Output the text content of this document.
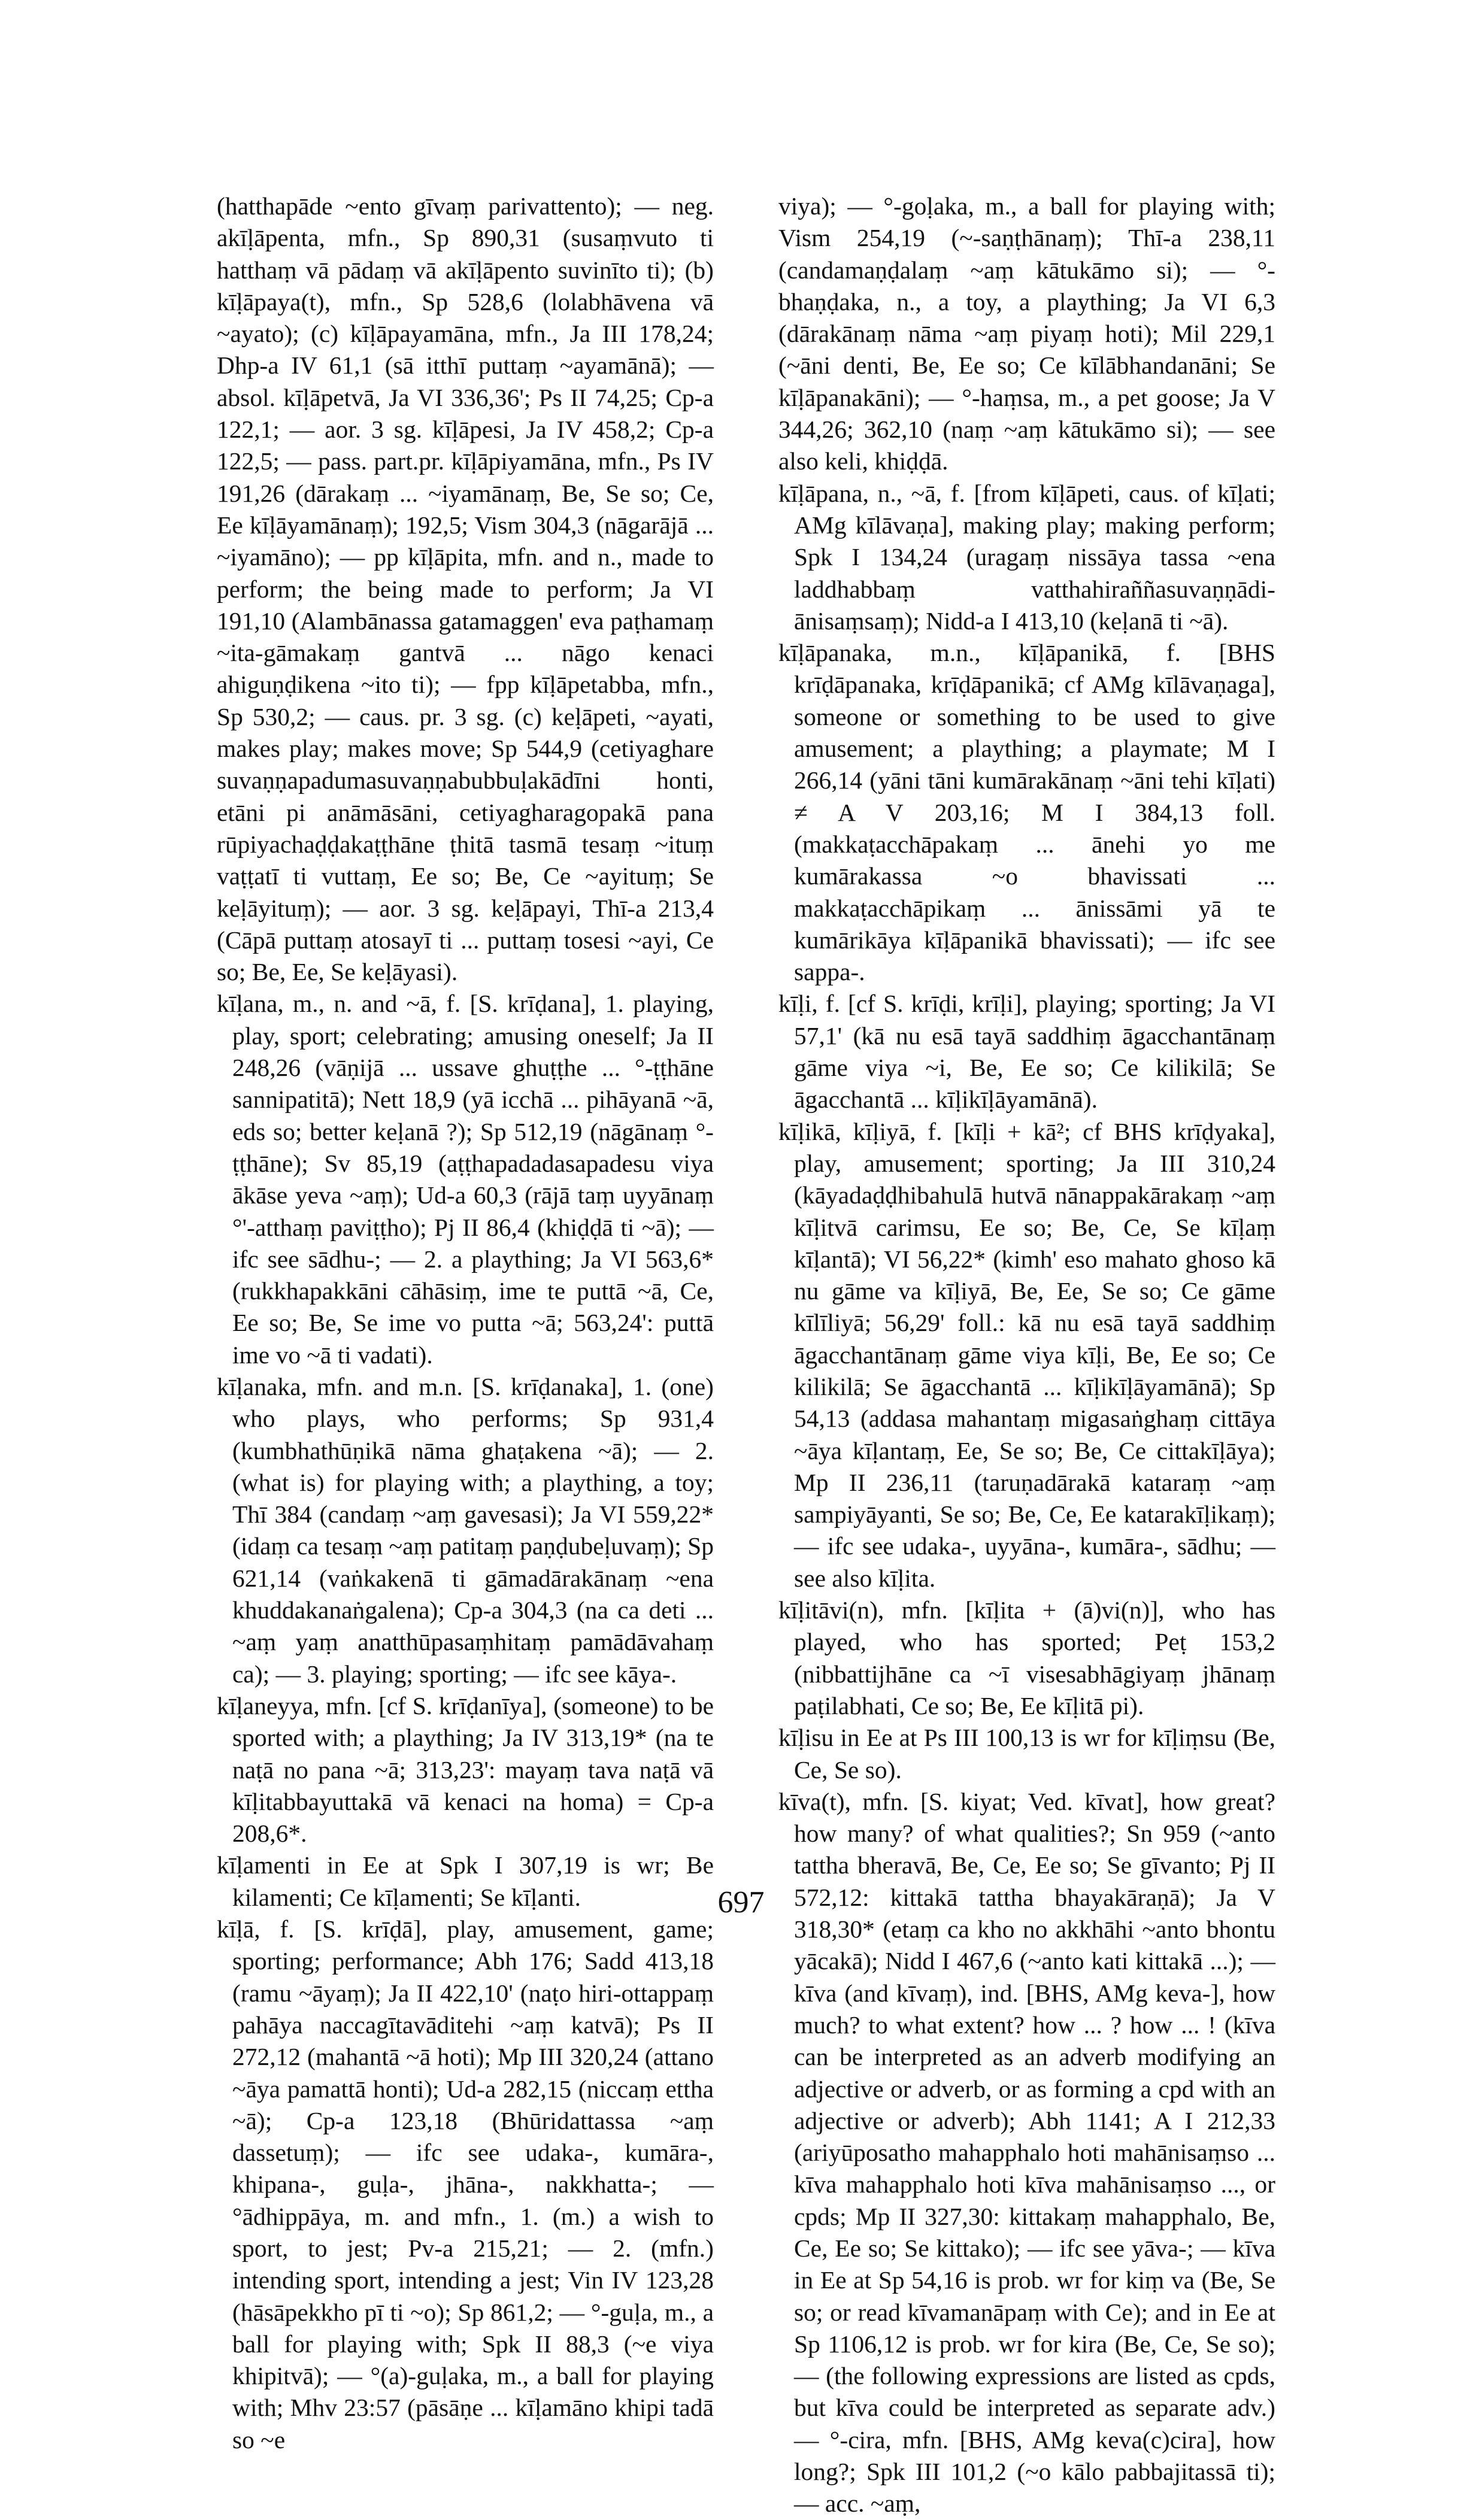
(hatthapāde ~ento gīvaṃ parivattento); — neg. akīḷāpenta, mfn., Sp 890,31 (susaṃvuto ti hatthaṃ vā pādaṃ vā akīḷāpento suvinīto ti); (b) kīḷāpaya(t), mfn., Sp 528,6 (lolabhāvena vā ~ayato); (c) kīḷāpayamāna, mfn., Ja III 178,24; Dhp-a IV 61,1 (sā itthī puttaṃ ~ayamānā); — absol. kīḷāpetvā, Ja VI 336,36'; Ps II 74,25; Cp-a 122,1; — aor. 3 sg. kīḷāpesi, Ja IV 458,2; Cp-a 122,5; — pass. part.pr. kīḷāpiyamāna, mfn., Ps IV 191,26 (dārakaṃ ... ~iyamānaṃ, Be, Se so; Ce, Ee kīḷāyamānaṃ); 192,5; Vism 304,3 (nāgarājā ... ~iyamāno); — pp kīḷāpita, mfn. and n., made to perform; the being made to perform; Ja VI 191,10 (Alambānassa gatamaggen' eva paṭhamaṃ ~ita-gāmakaṃ gantvā ... nāgo kenaci ahiguṇḍikena ~ito ti); — fpp kīḷāpetabba, mfn., Sp 530,2; — caus. pr. 3 sg. (c) keḷāpeti, ~ayati, makes play; makes move; Sp 544,9 (cetiyaghare suvaṇṇapadumasuvaṇṇabubbuḷakādīni honti, etāni pi anāmāsāni, cetiyagharagopakā pana rūpiyachaḍḍakaṭṭhāne ṭhitā tasmā tesaṃ ~ituṃ vaṭṭatī ti vuttaṃ, Ee so; Be, Ce ~ayituṃ; Se keḷāyituṃ); — aor. 3 sg. keḷāpayi, Thī-a 213,4 (Cāpā puttaṃ atosayī ti ... puttaṃ tosesi ~ayi, Ce so; Be, Ee, Se keḷāyasi).

kīḷana, m., n. and ~ā, f. [S. krīḍana], 1. playing, play, sport; celebrating; amusing oneself; Ja II 248,26 (vāṇijā ... ussave ghuṭṭhe ... °-ṭṭhāne sannipatitā); Nett 18,9 (yā icchā ... pihāyanā ~ā, eds so; better keḷanā ?); Sp 512,19 (nāgānaṃ °-ṭṭhāne); Sv 85,19 (aṭṭhapadadasapadesu viya ākāse yeva ~aṃ); Ud-a 60,3 (rājā taṃ uyyānaṃ °'-atthaṃ paviṭṭho); Pj II 86,4 (khiḍḍā ti ~ā); — ifc see sādhu-; — 2. a plaything; Ja VI 563,6* (rukkhapakkāni cāhāsiṃ, ime te puttā ~ā, Ce, Ee so; Be, Se ime vo putta ~ā; 563,24': puttā ime vo ~ā ti vadati).

kīḷanaka, mfn. and m.n. [S. krīḍanaka], 1. (one) who plays, who performs; Sp 931,4 (kumbhathūṇikā nāma ghaṭakena ~ā); — 2. (what is) for playing with; a plaything, a toy; Thī 384 (candaṃ ~aṃ gavesasi); Ja VI 559,22* (idaṃ ca tesaṃ ~aṃ patitaṃ paṇḍubeḷuvaṃ); Sp 621,14 (vaṅkakenā ti gāmadārakānaṃ ~ena khuddakanaṅgalena); Cp-a 304,3 (na ca deti ... ~aṃ yaṃ anatthūpasaṃhitaṃ pamādāvahaṃ ca); — 3. playing; sporting; — ifc see kāya-.

kīḷaneyya, mfn. [cf S. krīḍanīya], (someone) to be sported with; a plaything; Ja IV 313,19* (na te naṭā no pana ~ā; 313,23': mayaṃ tava naṭā vā kīḷitabbayuttakā vā kenaci na homa) = Cp-a 208,6*.

kīḷamenti in Ee at Spk I 307,19 is wr; Be kilamenti; Ce kīḷamenti; Se kīḷanti.

kīḷā, f. [S. krīḍā], play, amusement, game; sporting; performance; Abh 176; Sadd 413,18 (ramu ~āyaṃ); Ja II 422,10' (naṭo hiri-ottappaṃ pahāya naccagītavāditehi ~aṃ katvā); Ps II 272,12 (mahantā ~ā hoti); Mp III 320,24 (attano ~āya pamattā honti); Ud-a 282,15 (niccaṃ ettha ~ā); Cp-a 123,18 (Bhūridattassa ~aṃ dassetuṃ); — ifc see udaka-, kumāra-, khipana-, guḷa-, jhāna-, nakkhatta-; — °ādhippāya, m. and mfn., 1. (m.) a wish to sport, to jest; Pv-a 215,21; — 2. (mfn.) intending sport, intending a jest; Vin IV 123,28 (hāsāpekkho pī ti ~o); Sp 861,2; — °-guḷa, m., a ball for playing with; Spk II 88,3 (~e viya khipitvā); — °(a)-guḷaka, m., a ball for playing with; Mhv 23:57 (pāsāṇe ... kīḷamāno khipi tadā so ~e

viya); — °-goḷaka, m., a ball for playing with; Vism 254,19 (~-saṇṭhānaṃ); Thī-a 238,11 (candamaṇḍalaṃ ~aṃ kātukāmo si); — °-bhaṇḍaka, n., a toy, a plaything; Ja VI 6,3 (dārakānaṃ nāma ~aṃ piyaṃ hoti); Mil 229,1 (~āni denti, Be, Ee so; Ce kīlābhandanāni; Se kīḷāpanakāni); — °-haṃsa, m., a pet goose; Ja V 344,26; 362,10 (naṃ ~aṃ kātukāmo si); — see also keli, khiḍḍā.

kīḷāpana, n., ~ā, f. [from kīḷāpeti, caus. of kīḷati; AMg kīlāvaṇa], making play; making perform; Spk I 134,24 (uragaṃ nissāya tassa ~ena laddhabbaṃ vatthahiraññasuvaṇṇādi-ānisaṃsaṃ); Nidd-a I 413,10 (keḷanā ti ~ā).

kīḷāpanaka, m.n., kīḷāpanikā, f. [BHS krīḍāpanaka, krīḍāpanikā; cf AMg kīlāvaṇaga], someone or something to be used to give amusement; a plaything; a playmate; M I 266,14 (yāni tāni kumārakānaṃ ~āni tehi kīḷati) ≠ A V 203,16; M I 384,13 foll. (makkaṭacchāpakaṃ ... ānehi yo me kumārakassa ~o bhavissati ... makkaṭacchāpikaṃ ... ānissāmi yā te kumārikāya kīḷāpanikā bhavissati); — ifc see sappa-.

kīḷi, f. [cf S. krīḍi, krīḷi], playing; sporting; Ja VI 57,1' (kā nu esā tayā saddhiṃ āgacchantānaṃ gāme viya ~i, Be, Ee so; Ce kilikilā; Se āgacchantā ... kīḷikīḷāyamānā).

kīḷikā, kīḷiyā, f. [kīḷi + kā²; cf BHS krīḍyaka], play, amusement; sporting; Ja III 310,24 (kāyadaḍḍhibahulā hutvā nānappakārakaṃ ~aṃ kīḷitvā carimsu, Ee so; Be, Ce, Se kīḷaṃ kīḷantā); VI 56,22* (kimh' eso mahato ghoso kā nu gāme va kīḷiyā, Be, Ee, Se so; Ce gāme kīlīliyā; 56,29' foll.: kā nu esā tayā saddhiṃ āgacchantānaṃ gāme viya kīḷi, Be, Ee so; Ce kilikilā; Se āgacchantā ... kīḷikīḷāyamānā); Sp 54,13 (addasa mahantaṃ migasaṅghaṃ cittāya ~āya kīḷantaṃ, Ee, Se so; Be, Ce cittakīḷāya); Mp II 236,11 (taruṇadārakā kataraṃ ~aṃ sampiyāyanti, Se so; Be, Ce, Ee katarakīḷikaṃ); — ifc see udaka-, uyyāna-, kumāra-, sādhu; — see also kīḷita.

kīḷitāvi(n), mfn. [kīḷita + (ā)vi(n)], who has played, who has sported; Peṭ 153,2 (nibbattijhāne ca ~ī visesabhāgiyaṃ jhānaṃ paṭilabhati, Ce so; Be, Ee kīḷitā pi).

kīḷisu in Ee at Ps III 100,13 is wr for kīḷiṃsu (Be, Ce, Se so).

kīva(t), mfn. [S. kiyat; Ved. kīvat], how great? how many? of what qualities?; Sn 959 (~anto tattha bheravā, Be, Ce, Ee so; Se gīvanto; Pj II 572,12: kittakā tattha bhayakāraṇā); Ja V 318,30* (etaṃ ca kho no akkhāhi ~anto bhontu yācakā); Nidd I 467,6 (~anto kati kittakā ...); — kīva (and kīvaṃ), ind. [BHS, AMg keva-], how much? to what extent? how ... ? how ... ! (kīva can be interpreted as an adverb modifying an adjective or adverb, or as forming a cpd with an adjective or adverb); Abh 1141; A I 212,33 (ariyūposatho mahapphalo hoti mahānisaṃso ... kīva mahapphalo hoti kīva mahānisaṃso ..., or cpds; Mp II 327,30: kittakaṃ mahapphalo, Be, Ce, Ee so; Se kittako); — ifc see yāva-; — kīva in Ee at Sp 54,16 is prob. wr for kiṃ va (Be, Se so; or read kīvamanāpaṃ with Ce); and in Ee at Sp 1106,12 is prob. wr for kira (Be, Ce, Se so); — (the following expressions are listed as cpds, but kīva could be interpreted as separate adv.) — °-cira, mfn. [BHS, AMg keva(c)cira], how long?; Spk III 101,2 (~o kālo pabbajitassā ti); — acc. ~aṃ,

697
